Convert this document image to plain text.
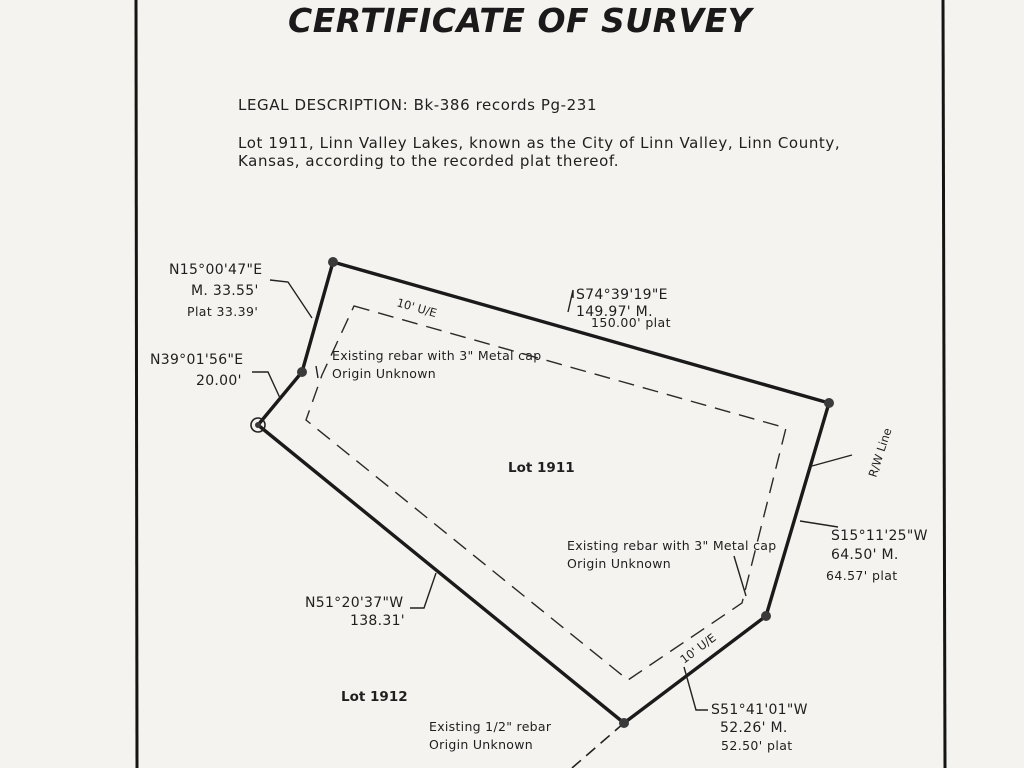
CERTIFICATE OF SURVEY
LEGAL DESCRIPTION: Bk-386 records Pg-231
Lot 1911, Linn Valley Lakes, known as the City of Linn Valley, Linn County,
Kansas, according to the recorded plat thereof.
N15°00'47"E
M. 33.55'
Plat 33.39'
N39°01'56"E
20.00'
S74°39'19"E
149.97' M.
150.00' plat
S15°11'25"W
64.50' M.
64.57' plat
N51°20'37"W
138.31'
S51°41'01"W
52.26' M.
52.50' plat
Existing rebar with 3" Metal cap
Origin Unknown
Existing rebar with 3" Metal cap
Origin Unknown
Existing 1/2" rebar
Origin Unknown
Lot 1911
Lot 1912
10' U/E
10' U/E
R/W Line
